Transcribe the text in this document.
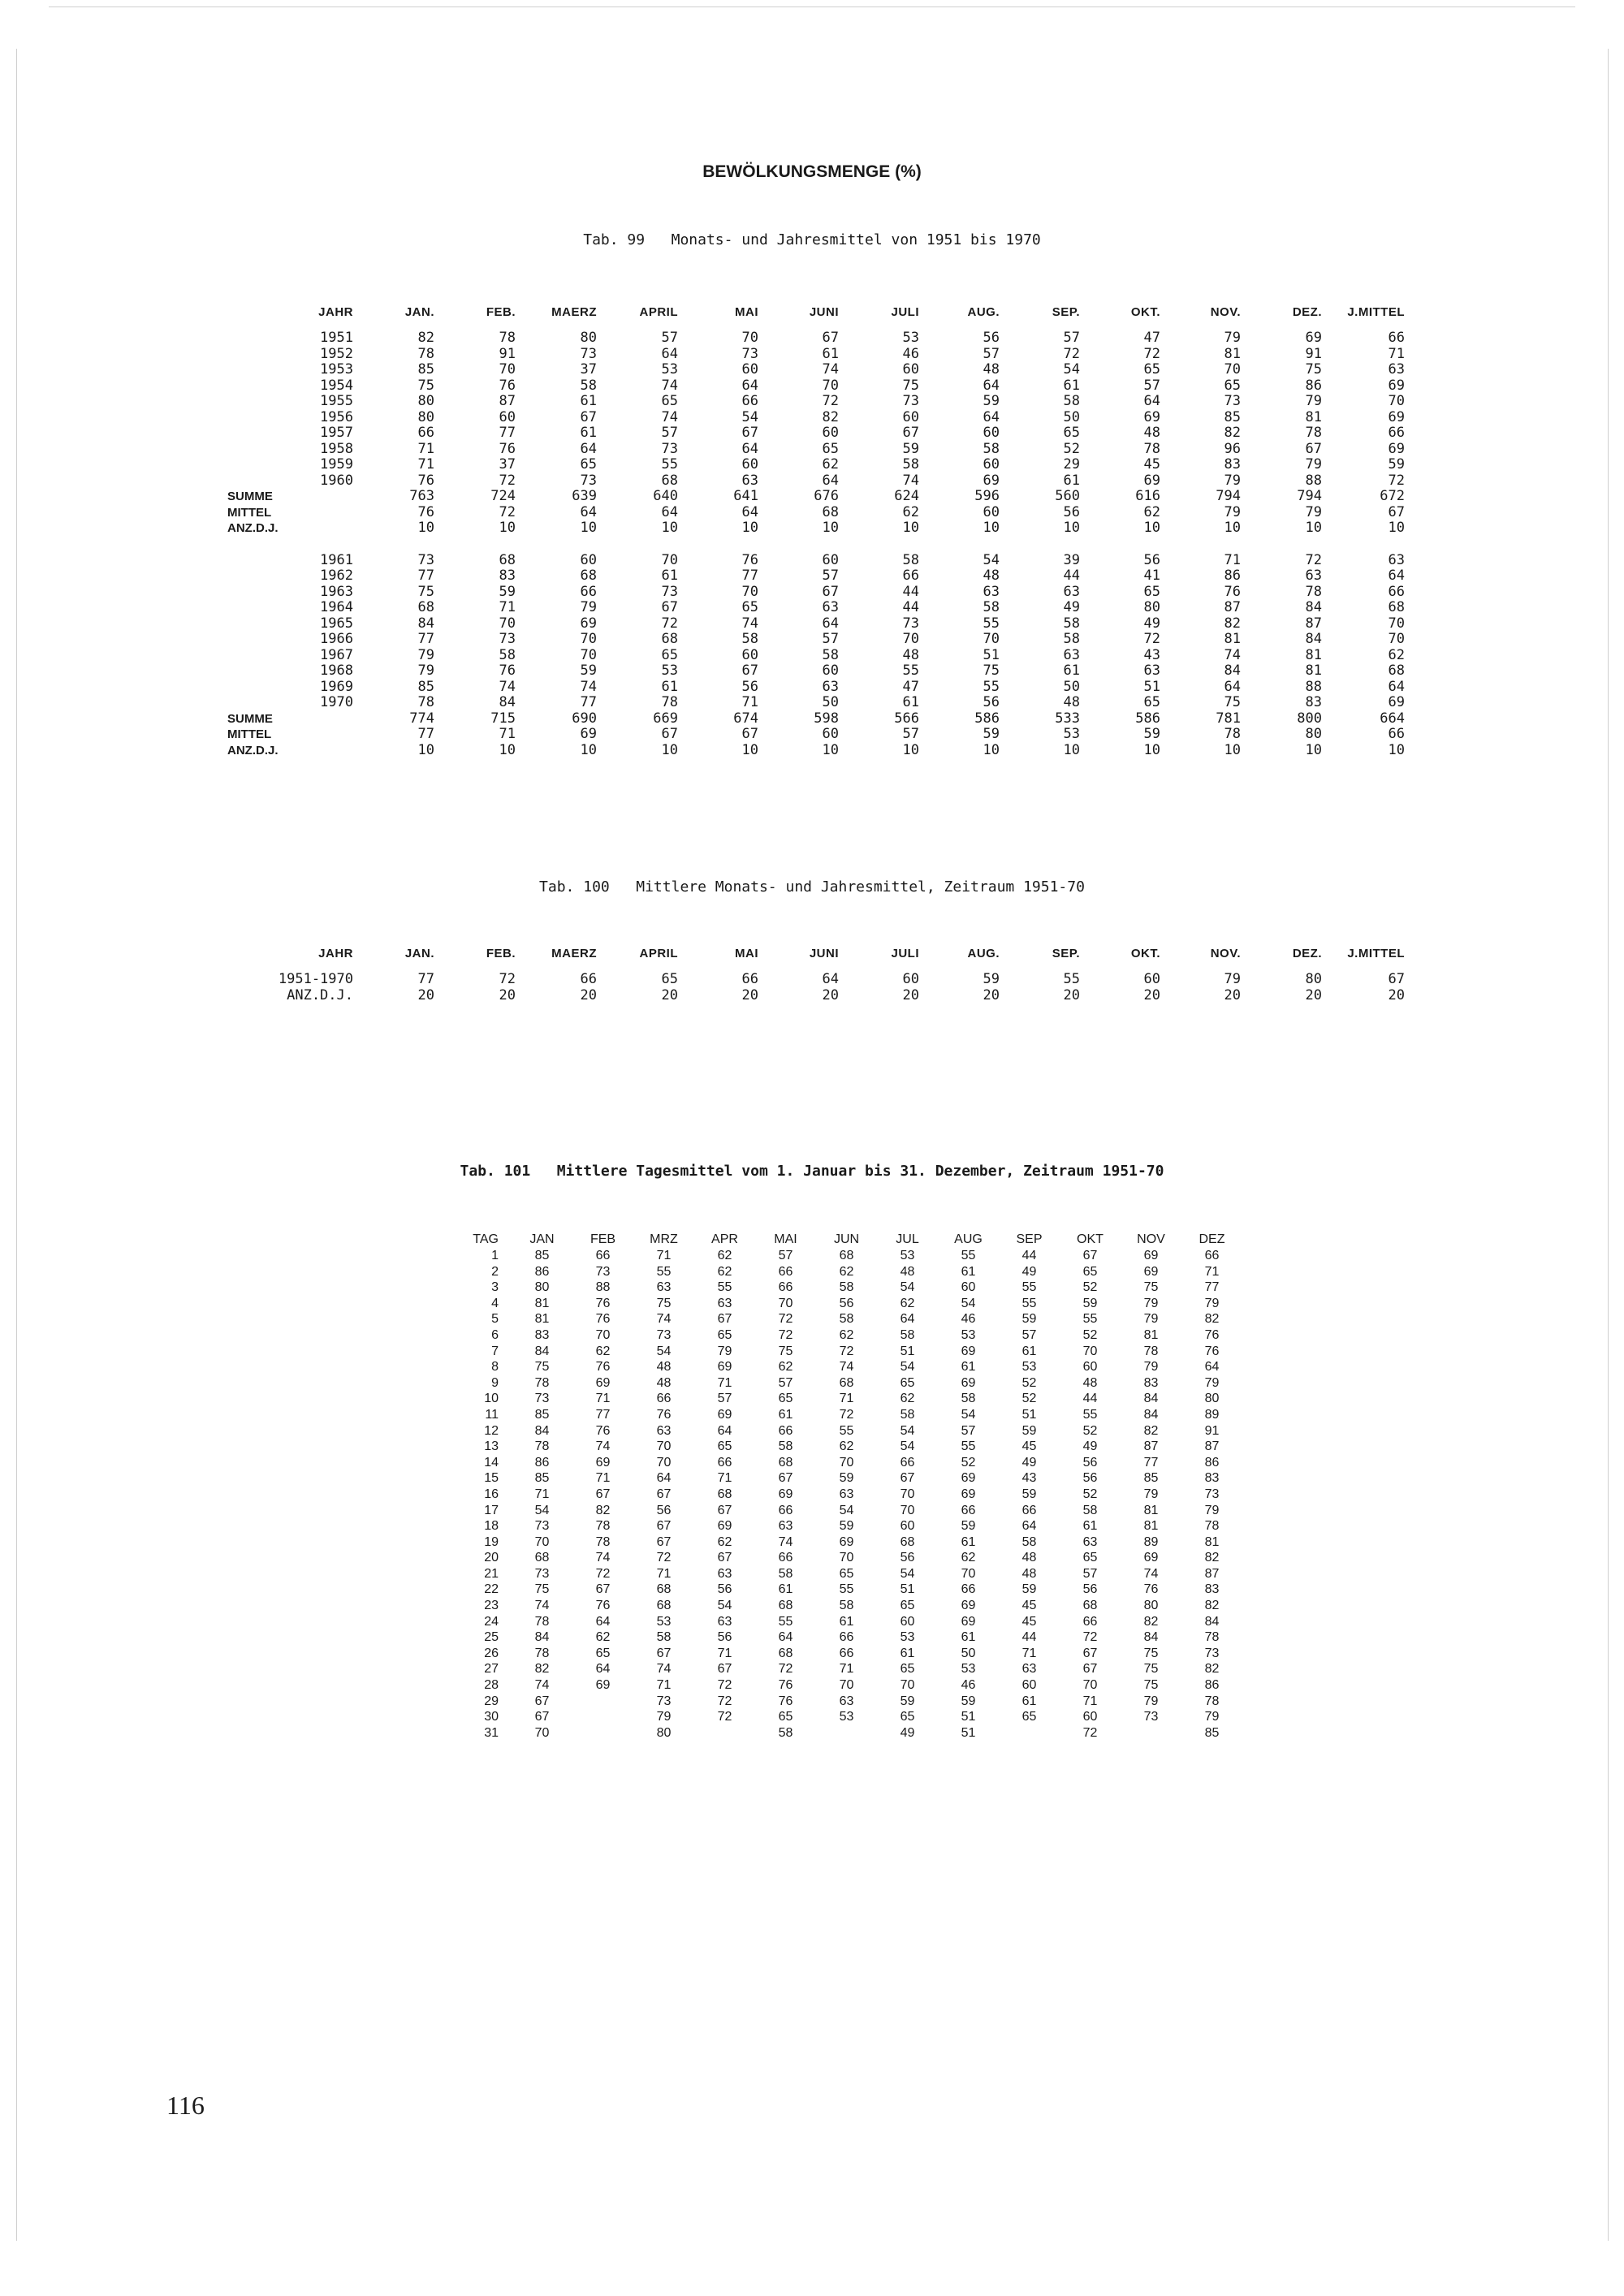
BEWÖLKUNGSMENGE (%)
Tab. 99   Monats- und Jahresmittel von 1951 bis 1970
JAHR	JAN.	FEB.	MAERZ	APRIL	MAI	JUNI	JULI	AUG.	SEP.	OKT.	NOV.	DEZ.	J.MITTEL
1951	82	78	80	57	70	67	53	56	57	47	79	69	66
1952	78	91	73	64	73	61	46	57	72	72	81	91	71
1953	85	70	37	53	60	74	60	48	54	65	70	75	63
1954	75	76	58	74	64	70	75	64	61	57	65	86	69
1955	80	87	61	65	66	72	73	59	58	64	73	79	70
1956	80	60	67	74	54	82	60	64	50	69	85	81	69
1957	66	77	61	57	67	60	67	60	65	48	82	78	66
1958	71	76	64	73	64	65	59	58	52	78	96	67	69
1959	71	37	65	55	60	62	58	60	29	45	83	79	59
1960	76	72	73	68	63	64	74	69	61	69	79	88	72
SUMME	763	724	639	640	641	676	624	596	560	616	794	794	672
MITTEL	76	72	64	64	64	68	62	60	56	62	79	79	67
ANZ.D.J.	10	10	10	10	10	10	10	10	10	10	10	10	10

1961	73	68	60	70	76	60	58	54	39	56	71	72	63
1962	77	83	68	61	77	57	66	48	44	41	86	63	64
1963	75	59	66	73	70	67	44	63	63	65	76	78	66
1964	68	71	79	67	65	63	44	58	49	80	87	84	68
1965	84	70	69	72	74	64	73	55	58	49	82	87	70
1966	77	73	70	68	58	57	70	70	58	72	81	84	70
1967	79	58	70	65	60	58	48	51	63	43	74	81	62
1968	79	76	59	53	67	60	55	75	61	63	84	81	68
1969	85	74	74	61	56	63	47	55	50	51	64	88	64
1970	78	84	77	78	71	50	61	56	48	65	75	83	69
SUMME	774	715	690	669	674	598	566	586	533	586	781	800	664
MITTEL	77	71	69	67	67	60	57	59	53	59	78	80	66
ANZ.D.J.	10	10	10	10	10	10	10	10	10	10	10	10	10
Tab. 100   Mittlere Monats- und Jahresmittel, Zeitraum 1951-70
JAHR	JAN.	FEB.	MAERZ	APRIL	MAI	JUNI	JULI	AUG.	SEP.	OKT.	NOV.	DEZ.	J.MITTEL
1951-1970	77	72	66	65	66	64	60	59	55	60	79	80	67
ANZ.D.J.	20	20	20	20	20	20	20	20	20	20	20	20	20
Tab. 101   Mittlere Tagesmittel vom 1. Januar bis 31. Dezember, Zeitraum 1951-70
TAG	JAN	FEB	MRZ	APR	MAI	JUN	JUL	AUG	SEP	OKT	NOV	DEZ
1	85	66	71	62	57	68	53	55	44	67	69	66
2	86	73	55	62	66	62	48	61	49	65	69	71
3	80	88	63	55	66	58	54	60	55	52	75	77
4	81	76	75	63	70	56	62	54	55	59	79	79
5	81	76	74	67	72	58	64	46	59	55	79	82
6	83	70	73	65	72	62	58	53	57	52	81	76
7	84	62	54	79	75	72	51	69	61	70	78	76
8	75	76	48	69	62	74	54	61	53	60	79	64
9	78	69	48	71	57	68	65	69	52	48	83	79
10	73	71	66	57	65	71	62	58	52	44	84	80
11	85	77	76	69	61	72	58	54	51	55	84	89
12	84	76	63	64	66	55	54	57	59	52	82	91
13	78	74	70	65	58	62	54	55	45	49	87	87
14	86	69	70	66	68	70	66	52	49	56	77	86
15	85	71	64	71	67	59	67	69	43	56	85	83
16	71	67	67	68	69	63	70	69	59	52	79	73
17	54	82	56	67	66	54	70	66	66	58	81	79
18	73	78	67	69	63	59	60	59	64	61	81	78
19	70	78	67	62	74	69	68	61	58	63	89	81
20	68	74	72	67	66	70	56	62	48	65	69	82
21	73	72	71	63	58	65	54	70	48	57	74	87
22	75	67	68	56	61	55	51	66	59	56	76	83
23	74	76	68	54	68	58	65	69	45	68	80	82
24	78	64	53	63	55	61	60	69	45	66	82	84
25	84	62	58	56	64	66	53	61	44	72	84	78
26	78	65	67	71	68	66	61	50	71	67	75	73
27	82	64	74	67	72	71	65	53	63	67	75	82
28	74	69	71	72	76	70	70	46	60	70	75	86
29	67		73	72	76	63	59	59	61	71	79	78
30	67		79	72	65	53	65	51	65	60	73	79
31	70		80		58		49	51		72		85
116
